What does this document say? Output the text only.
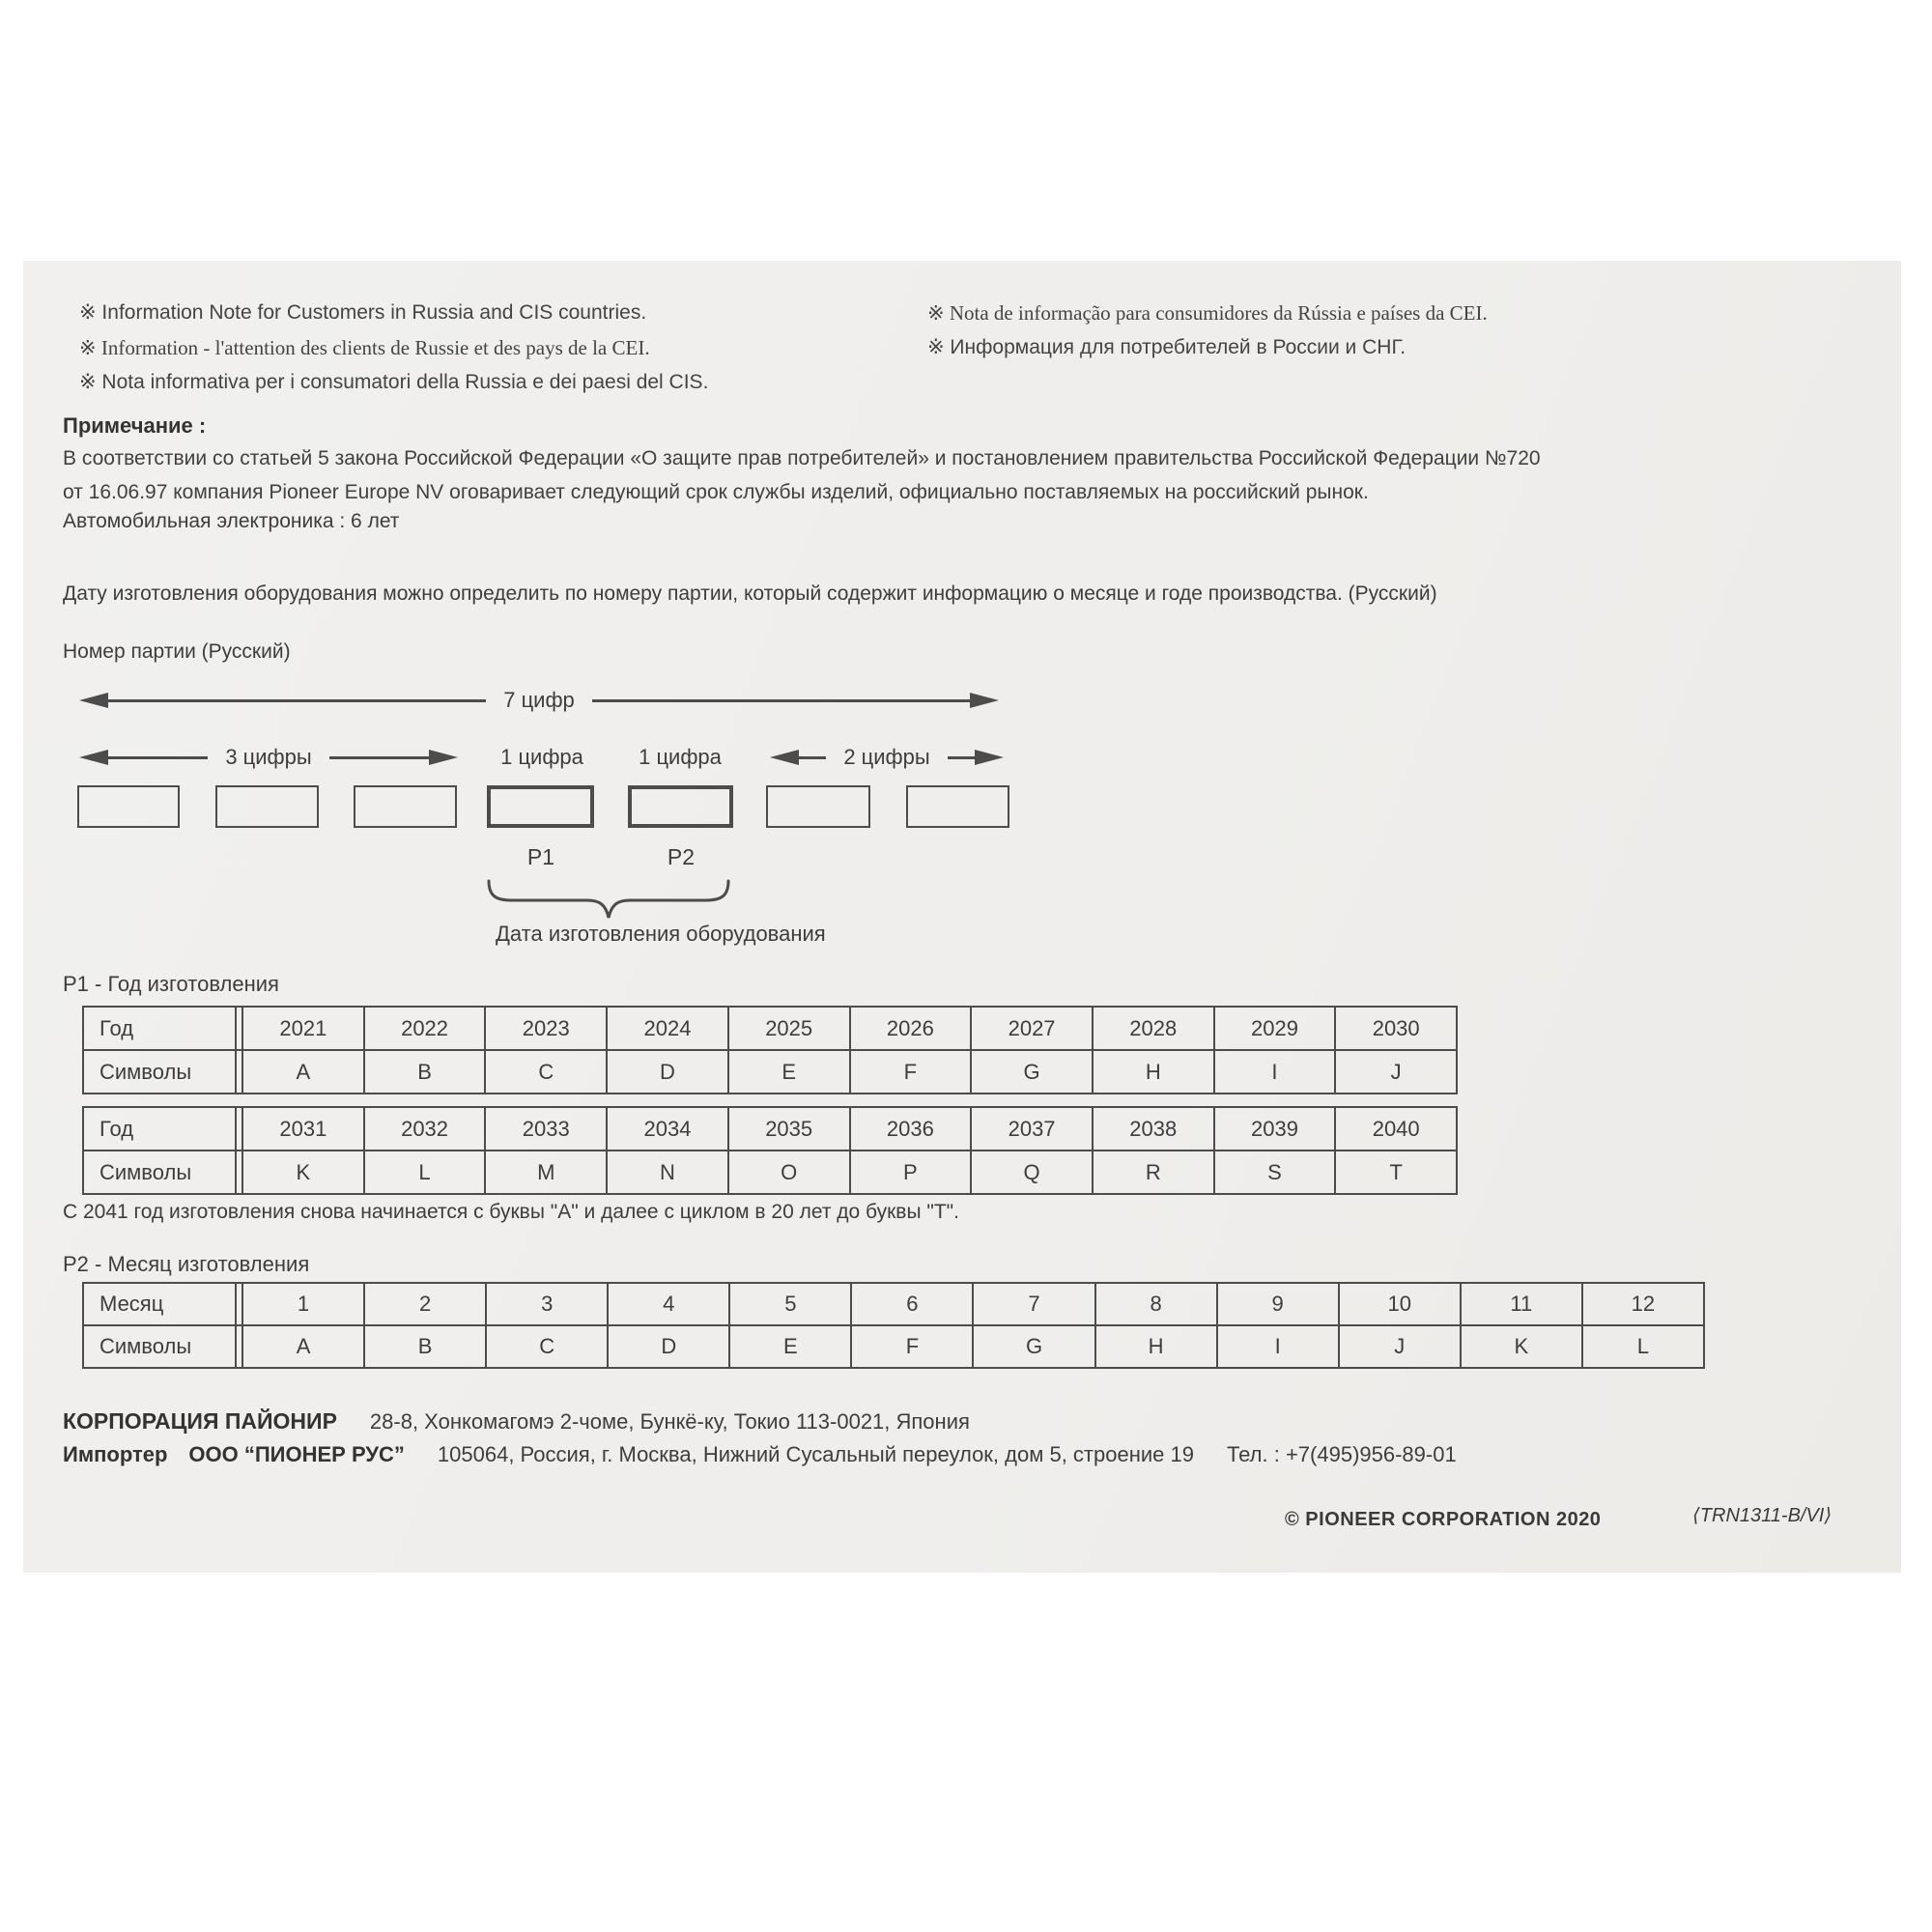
※ Information Note for Customers in Russia and CIS countries.
※ Information - l'attention des clients de Russie et des pays de la CEI.
※ Nota informativa per i consumatori della Russia e dei paesi del CIS.
※ Nota de informação para consumidores da Rússia e países da CEI.
※ Информация для потребителей в России и СНГ.
Примечание :
В соответствии со статьей 5 закона Российской Федерации «О защите прав потребителей» и постановлением правительства Российской Федерации №720
от 16.06.97 компания Pioneer Europe NV оговаривает следующий срок службы изделий, официально поставляемых на российский рынок.
Автомобильная электроника : 6 лет
Дату изготовления оборудования можно определить по номеру партии, который содержит информацию о месяце и годе производства. (Русский)
Номер партии (Русский)
7 цифр
3 цифры	1 цифра	1 цифра	2 цифры
P1	P2
Дата изготовления оборудования
P1 - Год изготовления
Год	2021	2022	2023	2024	2025	2026	2027	2028	2029	2030
Символы	A	B	C	D	E	F	G	H	I	J
Год	2031	2032	2033	2034	2035	2036	2037	2038	2039	2040
Символы	K	L	M	N	O	P	Q	R	S	T
С 2041 год изготовления снова начинается с буквы "A" и далее с циклом в 20 лет до буквы "T".
P2 - Месяц изготовления
Месяц	1	2	3	4	5	6	7	8	9	10	11	12
Символы	A	B	C	D	E	F	G	H	I	J	K	L
КОРПОРАЦИЯ ПАЙОНИР 28-8, Хонкомагомэ 2-чоме, Бункё-ку, Токио 113-0021, Япония
Импортер ООО “ПИОНЕР РУС” 105064, Россия, г. Москва, Нижний Сусальный переулок, дом 5, строение 19 Тел. : +7(495)956-89-01
© PIONEER CORPORATION 2020	⟨TRN1311-B/VI⟩
